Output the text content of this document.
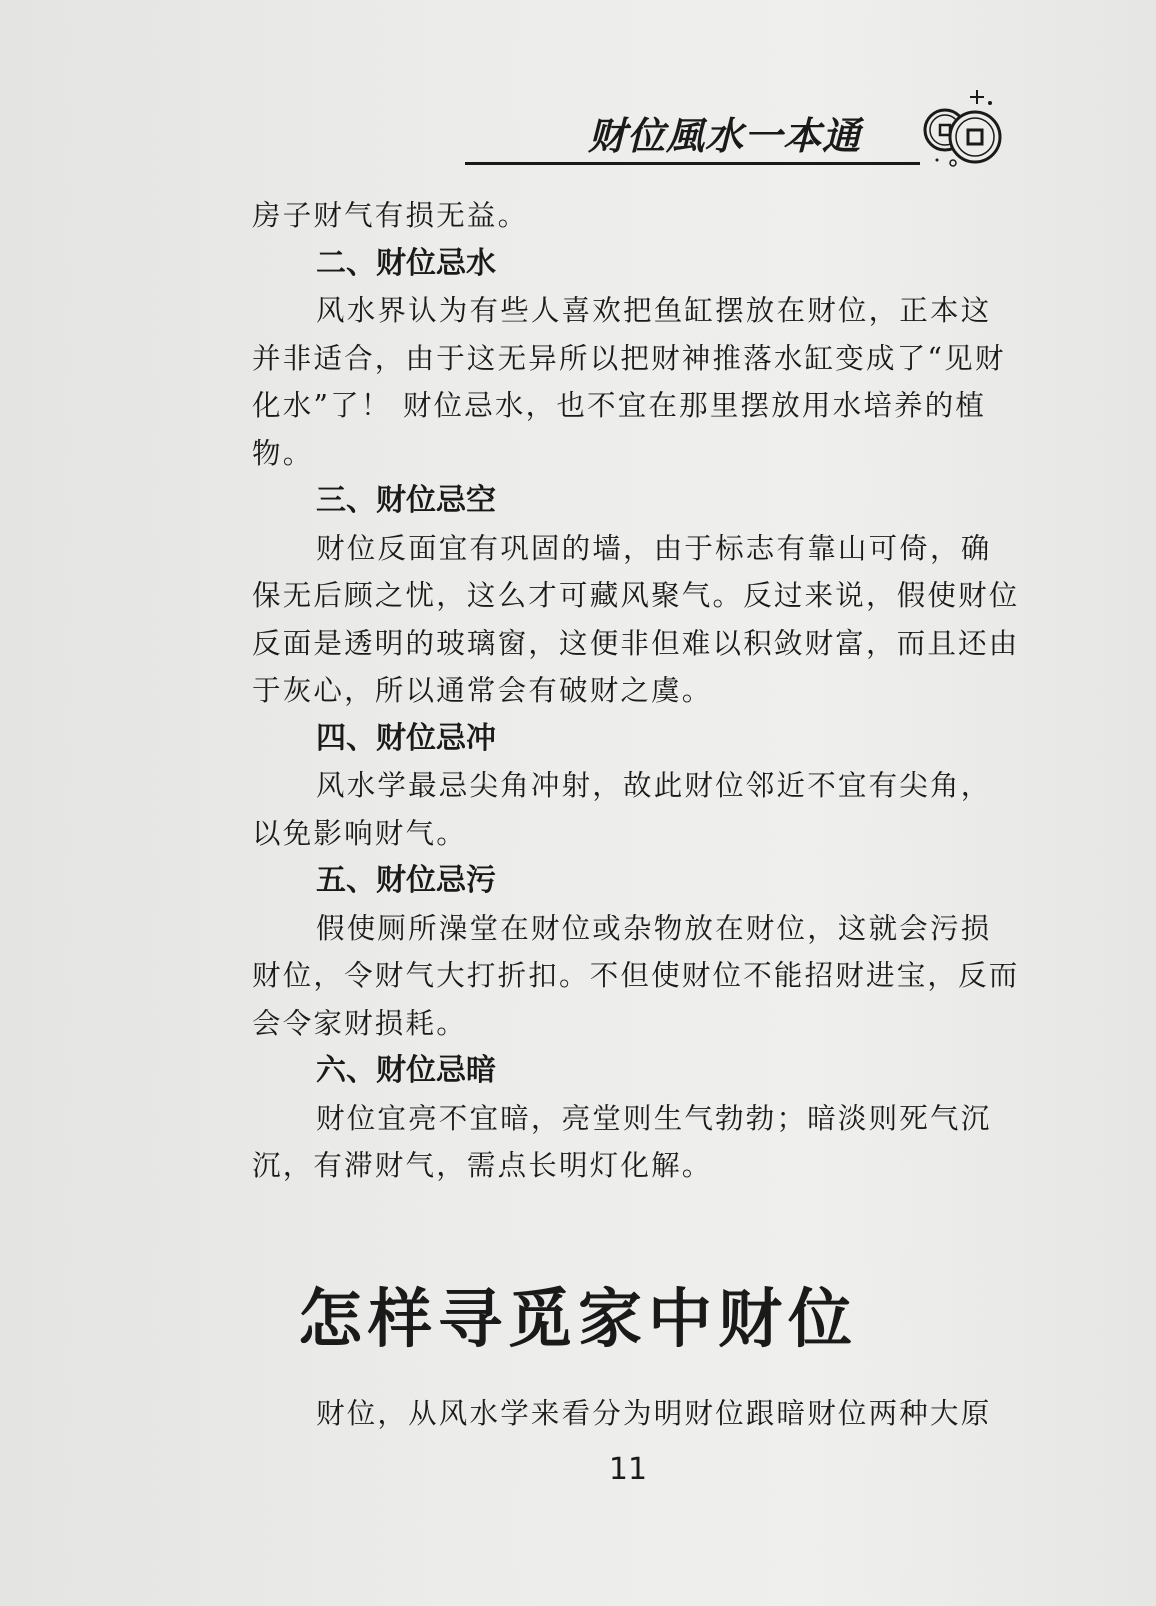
财位風水一本通

房子财气有损无益。

二、财位忌水

风水界认为有些人喜欢把鱼缸摆放在财位，正本这并非适合，由于这无异所以把财神推落水缸变成了“见财化水”了！ 财位忌水，也不宜在那里摆放用水培养的植物。

三、财位忌空

财位反面宜有巩固的墙，由于标志有靠山可倚，确保无后顾之忧，这么才可藏风聚气。反过来说，假使财位反面是透明的玻璃窗，这便非但难以积敛财富，而且还由于灰心，所以通常会有破财之虞。

四、财位忌冲

风水学最忌尖角冲射，故此财位邻近不宜有尖角，以免影响财气。

五、财位忌污

假使厕所澡堂在财位或杂物放在财位，这就会污损财位，令财气大打折扣。不但使财位不能招财进宝，反而会令家财损耗。

六、财位忌暗

财位宜亮不宜暗，亮堂则生气勃勃；暗淡则死气沉沉，有滞财气，需点长明灯化解。

怎样寻觅家中财位

财位，从风水学来看分为明财位跟暗财位两种大原

11
